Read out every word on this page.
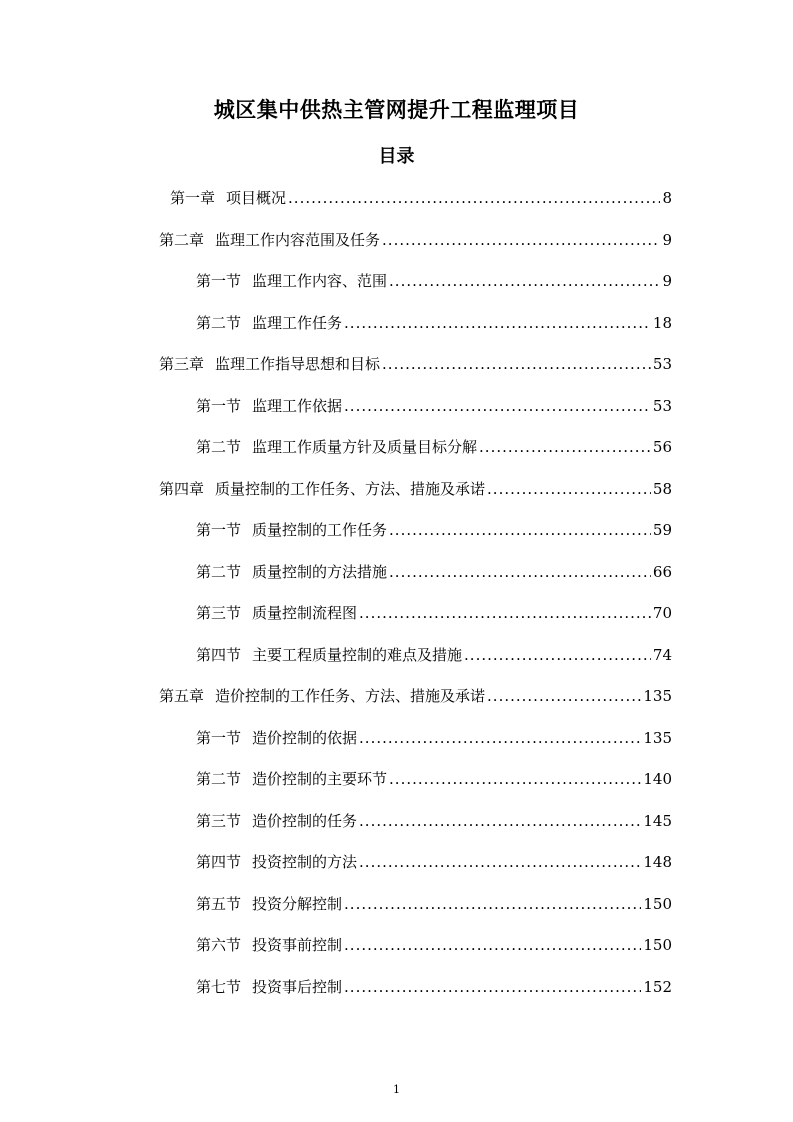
城区集中供热主管网提升工程监理项目
目录
第一章 项目概况 .....	8
第二章 监理工作内容范围及任务 .....	9
第一节 监理工作内容、范围 .....	9
第二节 监理工作任务 .....	18
第三章 监理工作指导思想和目标 .....	53
第一节 监理工作依据 .....	53
第二节 监理工作质量方针及质量目标分解 .....	56
第四章 质量控制的工作任务、方法、措施及承诺 .....	58
第一节 质量控制的工作任务 .....	59
第二节 质量控制的方法措施 .....	66
第三节 质量控制流程图 .....	70
第四节 主要工程质量控制的难点及措施 .....	74
第五章 造价控制的工作任务、方法、措施及承诺 .....	135
第一节 造价控制的依据 .....	135
第二节 造价控制的主要环节 .....	140
第三节 造价控制的任务 .....	145
第四节 投资控制的方法 .....	148
第五节 投资分解控制 .....	150
第六节 投资事前控制 .....	150
第七节 投资事后控制 .....	152
1
